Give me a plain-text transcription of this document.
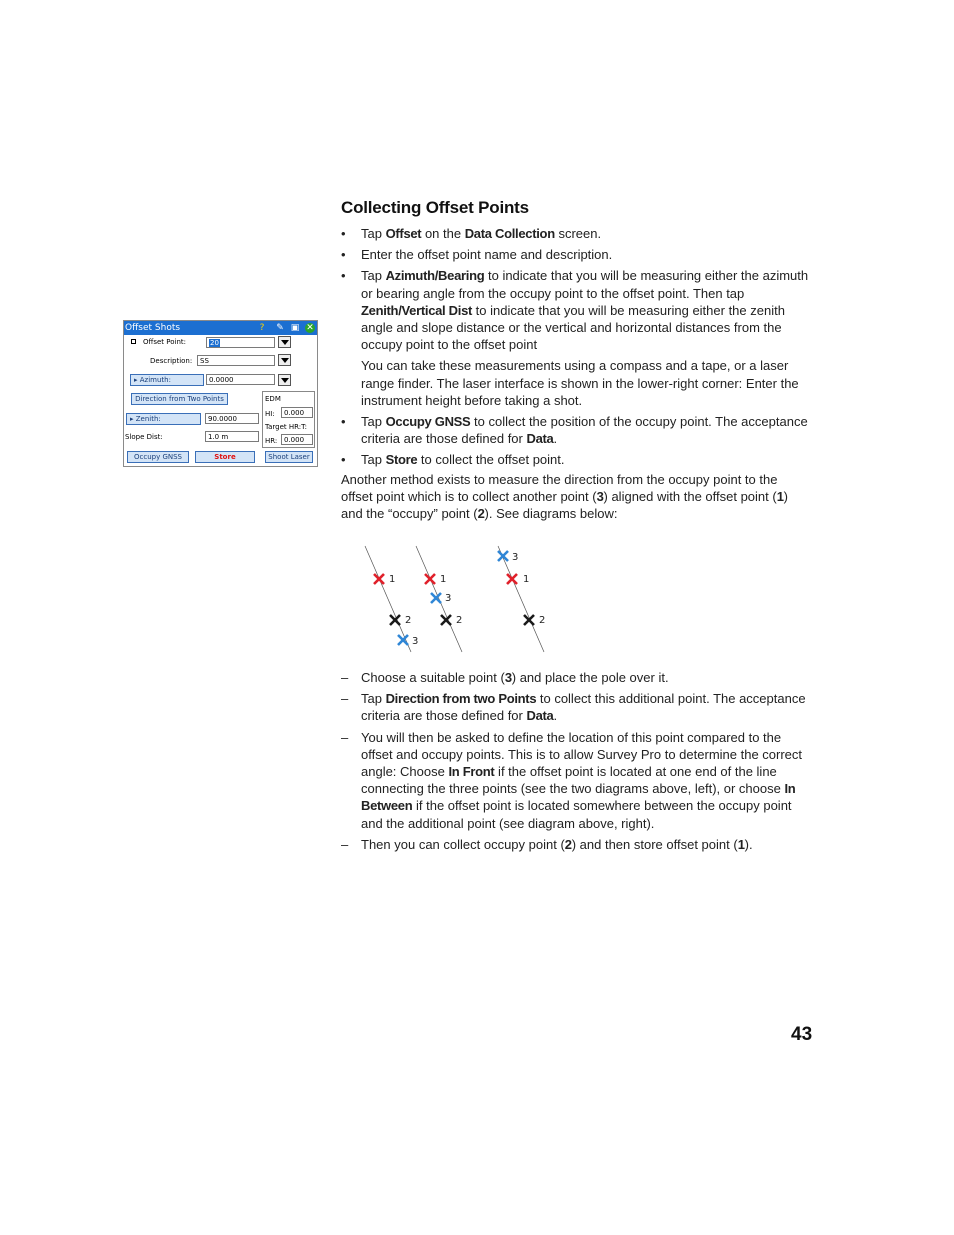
Collecting Offset Points
•	Tap Offset on the Data Collection screen.

•	Enter the offset point name and description.

•	Tap Azimuth/Bearing to indicate that you will be measuring either the azimuth or bearing angle from the occupy point to the offset point. Then tap Zenith/Vertical Dist to indicate that you will be measuring either the zenith angle and slope distance or the vertical and horizontal distances from the occupy point to the offset point

You can take these measurements using a compass and a tape, or a laser range finder. The laser interface is shown in the lower-right corner: Enter the instrument height before taking a shot.

•	Tap Occupy GNSS to collect the position of the occupy point. The acceptance criteria are those defined for Data.

•	Tap Store to collect the offset point.

Another method exists to measure the direction from the occupy point to the offset point which is to collect another point (3) aligned with the offset point (1) and the “occupy” point (2). See diagrams below:
1
2
3
1
3
2
3
1
2
– Choose a suitable point (3) and place the pole over it.

– Tap Direction from two Points to collect this additional point. The acceptance criteria are those defined for Data.

– You will then be asked to define the location of this point compared to the offset and occupy points. This is to allow Survey Pro to determine the correct angle: Choose In Front if the offset point is located at one end of the line connecting the three points (see the two diagrams above, left), or choose In Between if the offset point is located somewhere between the occupy point and the additional point (see diagram above, right).

– Then you can collect occupy point (2) and then store offset point (1).

43
Offset Shots	? ✎ ▣ ✕
Offset Point:	20
Description:	SS
▸ Azimuth:	0.0000
Direction from Two Points	EDM
HI:	0.000
Target HR:T:
HR: 0.000
▸ Zenith:	90.0000
Slope Dist:	1.0 m
Occupy GNSS	Store	Shoot Laser
